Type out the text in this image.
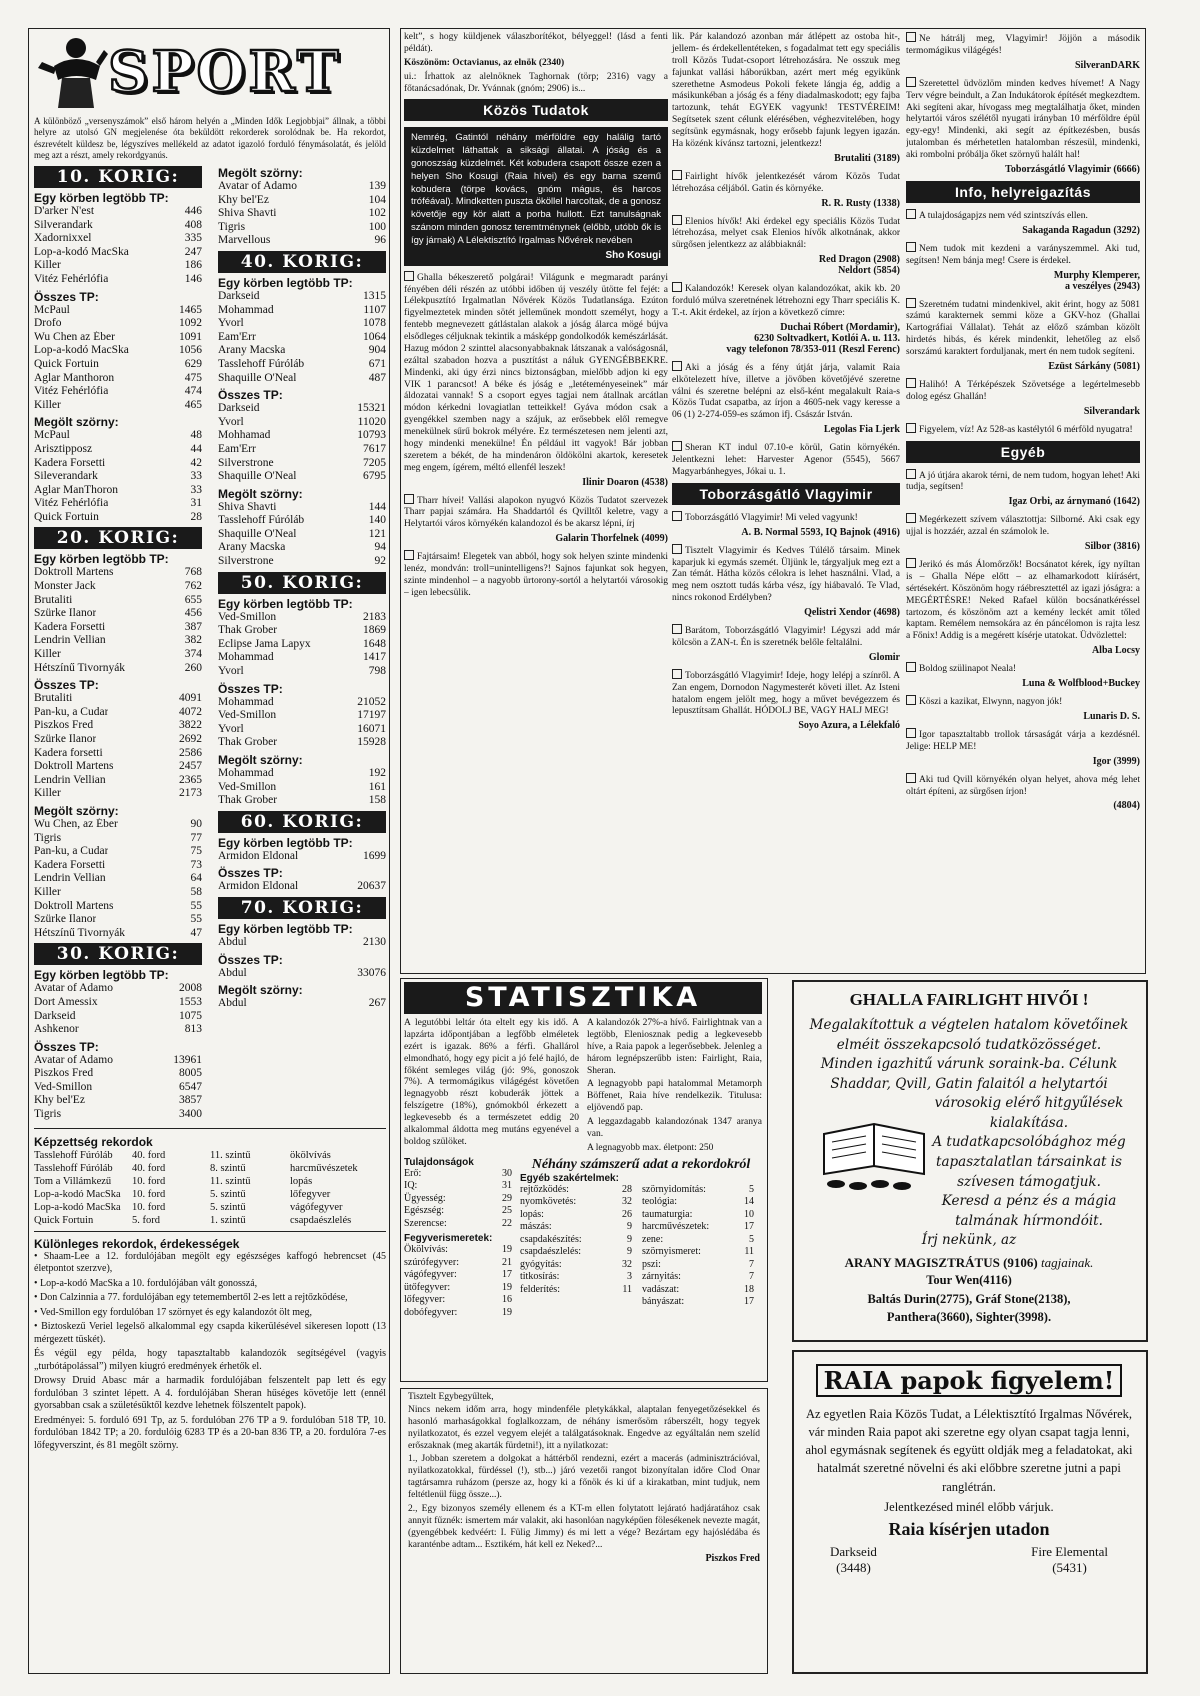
SPORT

A különböző „versenyszámok” első három helyén a „Minden Idők Legjobbjai” állnak, a többi helyre az utolsó GN megjelenése óta beküldött rekorderek sorolódnak be. Ha rekordot, észrevételt küldesz be, légyszíves mellékeld az adatot igazoló forduló fénymásolatát, és jelöld meg azt a részt, amely rekordgyanús.

10. KORIG:
Egy körben legtöbb TP:
D'arker N'est	446
Silverandark	408
Xadornixxel	335
Lop-a-kodó MacSka	247
Killer	186
Vitéz Fehérlófia	146
Összes TP:
McPaul	1465
Drofo	1092
Wu Chen az Éber	1091
Lop-a-kodó MacSka	1056
Quick Fortuin	629
Aglar Manthoron	475
Vitéz Fehérlófia	474
Killer	465
Megölt szörny:
McPaul	48
Arisztipposz	44
Kadera Forsetti	42
Sileverandark	33
Aglar ManThoron	33
Vitéz Fehérlófia	31
Quick Fortuin	28
20. KORIG:
Egy körben legtöbb TP:
Doktroll Martens	768
Monster Jack	762
Brutaliti	655
Szürke Ilanor	456
Kadera Forsetti	387
Lendrin Vellian	382
Killer	374
Hétszínű Tivornyák	260
Összes TP:
Brutaliti	4091
Pan-ku, a Cudar	4072
Piszkos Fred	3822
Szürke Ilanor	2692
Kadera forsetti	2586
Doktroll Martens	2457
Lendrin Vellian	2365
Killer	2173
Megölt szörny:
Wu Chen, az Éber	90
Tigris	77
Pan-ku, a Cudar	75
Kadera Forsetti	73
Lendrin Vellian	64
Killer	58
Doktroll Martens	55
Szürke Ilanor	55
Hétszínű Tivornyák	47
30. KORIG:
Egy körben legtöbb TP:
Avatar of Adamo	2008
Dort Amessix	1553
Darkseid	1075
Ashkenor	813
Összes TP:
Avatar of Adamo	13961
Piszkos Fred	8005
Ved-Smillon	6547
Khy bel'Ez	3857
Tigris	3400
Megölt szörny:
Avatar of Adamo	139
Khy bel'Ez	104
Shiva Shavti	102
Tigris	100
Marvellous	96
40. KORIG:
Egy körben legtöbb TP:
Darkseid	1315
Mohammad	1107
Yvorl	1078
Eam'Err	1064
Arany Macska	904
Tasslehoff Fúróláb	671
Shaquille O'Neal	487
Összes TP:
Darkseid	15321
Yvorl	11020
Mohhamad	10793
Eam'Err	7617
Silverstrone	7205
Shaquille O'Neal	6795
Megölt szörny:
Shiva Shavti	144
Tasslehoff Fúróláb	140
Shaquille O'Neal	121
Arany Macska	94
Silverstrone	92
50. KORIG:
Egy körben legtöbb TP:
Ved-Smillon	2183
Thak Grober	1869
Eclipse Jama Lapyx	1648
Mohammad	1417
Yvorl	798
Összes TP:
Mohammad	21052
Ved-Smillon	17197
Yvorl	16071
Thak Grober	15928
Megölt szörny:
Mohammad	192
Ved-Smillon	161
Thak Grober	158
60. KORIG:
Egy körben legtöbb TP:
Armidon Eldonal	1699
Összes TP:
Armidon Eldonal	20637
70. KORIG:
Egy körben legtöbb TP:
Abdul	2130
Összes TP:
Abdul	33076
Megölt szörny:
Abdul	267
Képzettség rekordok
Tasslehoff Fúróláb	40. ford	11. szintű	ökölvívás
Tasslehoff Fúróláb	40. ford	8. szintű	harcművészetek
Tom a Villámkezű	10. ford	11. szintű	lopás
Lop-a-kodó MacSka	10. ford	5. szintű	lőfegyver
Lop-a-kodó MacSka	10. ford	5. szintű	vágófegyver
Quick Fortuin	5. ford	1. szintű	csapdaészlelés
Különleges rekordok, érdekességek

• Shaam-Lee a 12. fordulójában megölt egy egészséges kaffogó hebrencset (45 életpontot szerzve),

• Lop-a-kodó MacSka a 10. fordulójában vált gonosszá,

• Don Calzinnia a 77. fordulójában egy tetemembertől 2-es lett a rejtőzködése,

• Ved-Smillon egy fordulóban 17 szörnyet és egy kalandozót ölt meg,

• Biztoskezű Veriel legelső alkalommal egy csapda kikerülésével sikeresen lopott (13 mérgezett tüskét).

És végül egy példa, hogy tapasztaltabb kalandozók segítségével (vagyis „turbótápolással”) milyen kiugró eredmények érhetők el.

Drowsy Druid Abasc már a harmadik fordulójában felszentelt pap lett és egy fordulóban 3 szintet lépett. A 4. fordulójában Sheran hűséges követője lett (ennél gyorsabban csak a születésüktől kezdve lehetnek fölszentelt papok).

Eredményei: 5. forduló 691 Tp, az 5. fordulóban 276 TP a 9. fordulóban 518 TP, 10. fordulóban 1842 TP; a 20. fordulóig 6283 TP és a 20-ban 836 TP, a 20. fordulóra 7-es lőfegyverszint, és 81 megölt szörny.

kelt”, s hogy küldjenek válaszborítékot, bélyeggel! (lásd a fenti példát).

Köszönöm: Octavianus, az elnök (2340)

ui.: Írhattok az alelnöknek Taghornak (törp; 2316) vagy a főtanácsadónak, Dr. Yvánnak (gnóm; 2906) is...

Közös Tudatok

Nemrég, Gatintól néhány mérföldre egy halálig tartó küzdelmet láthattak a siksági állatai. A jóság és a gonoszság küzdelmét. Két kobudera csapott össze ezen a helyen Sho Kosugi (Raia hívei) és egy barna szemű kobudera (törpe kovács, gnóm mágus, és harcos tróféával). Mindketten puszta ököllel harcoltak, de a gonosz követője egy kör alatt a porba hullott. Ezt tanulságnak szánom minden gonosz teremtménynek (előbb, utóbb ők is így járnak) A Lélektisztító Irgalmas Nővérek nevében

Sho Kosugi

Ghalla békeszerető polgárai! Világunk e megmaradt parányi fényében déli részén az utóbbi időben új veszély ütötte fel fejét: a Lélekpusztító Irgalmatlan Nővérek Közös Tudatlansága. Ezúton figyelmeztetek minden sötét jelleműnek mondott személyt, hogy a fentebb megnevezett gátlástalan alakok a jóság álarca mögé bújva elsődleges céljuknak tekintik a másképp gondolkodók kemészárlását. Hazug módon 2 szinttel alacsonyabbaknak látszanak a valóságosnál, ezáltal szabadon hozva a pusztítást a náluk GYENGÉBBEKRE. Mindenki, aki úgy érzi nincs biztonságban, mielőbb adjon ki egy VIK 1 parancsot! A béke és jóság e „letéteményeseinek” már áldozatai vannak! S a csoport egyes tagjai nem átallnak arcátlan módon kérkedni lovagiatlan tetteikkel! Gyáva módon csak a gyengékkel szemben nagy a szájuk, az erősebbek elől remegve menekülnek sűrű bokrok mélyére. Ez természetesen nem jelenti azt, hogy mindenki menekülne! Én például itt vagyok! Bár jobban szeretem a békét, de ha mindenáron öldökölni akartok, keresetek meg engem, ígérem, méltó ellenfél leszek!

Ilinir Doaron (4538)

Tharr hívei! Vallási alapokon nyugvó Közös Tudatot szervezek Tharr papjai számára. Ha Shaddartól és Qvilltől keletre, vagy a Helytartói város környékén kalandozol és be akarsz lépni, írj

Galarin Thorfelnek (4099)

Fajtársaim! Elegetek van abból, hogy sok helyen szinte mindenki lenéz, mondván: troll=unintelligens?! Sajnos fajunkat sok hegyen, szinte mindenhol – a nagyobb ürtorony-sortól a helytartói városokig – igen lebecsülik.

lik. Pár kalandozó azonban már átlépett az ostoba hit-, jellem- és érdekellentéteken, s fogadalmat tett egy speciális troll Közös Tudat-csoport létrehozására. Ne osszuk meg fajunkat vallási háborúkban, azért mert még egyikünk szerethetne Asmodeus Pokoli fekete lángja ég, addig a másikunkéban a jóság és a fény diadalmaskodott; egy fajba tartozunk, tehát EGYEK vagyunk! TESTVÉREIM! Segítsetek szent célunk elérésében, véghezvitelében, hogy segítsünk egymásnak, hogy erősebb fajunk legyen igazán. Ha közénk kívánsz tartozni, jelentkezz!

Brutaliti (3189)

Fairlight hívők jelentkezését várom Közös Tudat létrehozása céljából. Gatin és környéke.

R. R. Rusty (1338)

Elenios hívők! Aki érdekel egy speciális Közös Tudat létrehozása, melyet csak Elenios hívők alkotnának, akkor sürgősen jelentkezz az alábbiaknál:

Red Dragon (2908)
Neldort (5854)

Kalandozók! Keresek olyan kalandozókat, akik kb. 20 forduló múlva szeretnének létrehozni egy Tharr speciális K. T.-t. Akit érdekel, az írjon a következő címre:

Duchai Róbert (Mordamir),
6230 Soltvadkert, Kotlói A. u. 113.
vagy telefonon 78/353-011 (Reszl Ferenc)

Aki a jóság és a fény útját járja, valamit Raia elkötelezett híve, illetve a jövőben követőjévé szeretne válni és szeretne belépni az első-ként megalakult Raia-s Közös Tudat csapatba, az írjon a 4605-nek vagy keresse a 06 (1) 2-274-059-es számon ifj. Császár István.

Legolas Fia Ljerk

Sheran KT indul 07.10-e körül, Gatin környékén. Jelentkezni lehet: Harvester Agenor (5545), 5667 Magyarbánhegyes, Jókai u. 1.

Toborzásgátló Vlagyimir

Toborzásgátló Vlagyimir! Mi veled vagyunk!

A. B. Normal 5593, IQ Bajnok (4916)

Tisztelt Vlagyimir és Kedves Túlélő társaim. Minek kaparjuk ki egymás szemét. Üljünk le, tárgyaljuk meg ezt a Zan témát. Hátha közös célokra is lehet használni. Vlad, a meg nem osztott tudás kárba vész, így hiábavaló. Te Vlad, nincs rokonod Erdélyben?

Qelistri Xendor (4698)

Barátom, Toborzásgátló Vlagyimir! Légyszi add már kölcsön a ZAN-t. Én is szeretnék belőle feltalálni.

Glomir

Toborzásgátló Vlagyimir! Ideje, hogy lelépj a színről. A Zan engem, Dornodon Nagymesterét követi illet. Az Isteni hatalom engem jelölt meg, hogy a művet bevégezzem és lepusztítsam Ghallát. HÓDOLJ BE, VAGY HALJ MEG!

Soyo Azura, a Lélekfaló

Ne hátrálj meg, Vlagyimir! Jöjjön a második termomágikus világégés!

SilveranDARK

Szeretettel üdvözlöm minden kedves hívemet! A Nagy Terv végre beindult, a Zan Indukátorok építését megkezdtem. Aki segíteni akar, hívogass meg megtalálhatja őket, minden helytartói város szélétől nyugati irányban 10 mérföldre épül egy-egy! Mindenki, aki segít az építkezésben, busás jutalomban és mérhetetlen hatalomban részesül, mindenki, aki rombolni próbálja őket szörnyű halált hal!

Toborzásgátló Vlagyimir (6666)

Info, helyreigazítás

A tulajdoságapjzs nem véd szintszívás ellen.

Sakaganda Ragadun (3292)

Nem tudok mit kezdeni a varányszemmel. Aki tud, segítsen! Nem bánja meg! Csere is érdekel.

Murphy Klemperer,
a veszélyes (2943)

Szeretném tudatni mindenkivel, akit érint, hogy az 5081 számú karakternek semmi köze a GKV-hoz (Ghallai Kartográfiai Vállalat). Tehát az előző számban közölt hirdetés hibás, és kérek mindenkit, lehetőleg az első sorszámú karaktert forduljanak, mert én nem tudok segíteni.

Ezüst Sárkány (5081)

Halihó! A Térképészek Szövetsége a legértelmesebb dolog egész Ghallán!

Silverandark

Figyelem, víz! Az 528-as kastélytól 6 mérföld nyugatra!

Egyéb

A jó útjára akarok térni, de nem tudom, hogyan lehet! Aki tudja, segítsen!

Igaz Orbi, az árnymanó (1642)

Megérkezett szívem választottja: Silborné. Aki csak egy ujjal is hozzáér, azzal én számolok le.

Silbor (3816)

Jerikó és más Álomőrzők! Bocsánatot kérek, így nyíltan is – Ghalla Népe előtt – az elhamarkodott kiírásért, sértésekért. Köszönöm hogy ráébresztettél az igazi jóságra: a MEGÉRTÉSRE! Neked Rafael külön bocsánatkéréssel tartozom, és köszönöm azt a kemény leckét amit tőled kaptam. Remélem nemsokára az én páncélomon is rajta lesz a Főnix! Addig is a megérett kísérje utatokat. Üdvözlettel:

Alba Locsy

Boldog szülinapot Neala!

Luna & Wolfblood+Buckey

Köszi a kazikat, Elwynn, nagyon jók!

Lunaris D. S.

Igor tapasztaltabb trollok társaságát várja a kezdésnél. Jelige: HELP ME!

Igor (3999)

Aki tud Qvill környékén olyan helyet, ahova még lehet oltárt építeni, az sürgősen írjon!

(4804)

STATISZTIKA

A legutóbbi leltár óta eltelt egy kis idő. A lapzárta időpontjában a legfőbb elméletek ezért is igazak. 86% a férfi. Ghallárol elmondható, hogy egy picit a jó felé hajló, de főként semleges világ (jó: 9%, gonoszok 7%). A termomágikus világégést követően legnagyobb részt kobuderák jöttek a felszígetre (18%), gnómokból érkezett a legkevesebb és a természetet eddig 20 alkalommal áldotta meg mutáns egyenével a boldog szülöket.

A kalandozók 27%-a hívő. Fairlightnak van a legtöbb, Eleniosznak pedig a legkevesebb híve, a Raia papok a legerősebbek. Jelenleg a három legnépszerűbb isten: Fairlight, Raia, Sheran.

A legnagyobb papi hatalommal Metamorph Böffenet, Raia híve rendelkezik. Titulusa: eljövendő pap.

A leggazdagabb kalandozónak 1347 aranya van.

A legnagyobb max. életpont: 250

Tulajdonságok
Erő:	30
IQ:	31
Ügyesség:	29
Egészség:	25
Szerencse:	22
Fegyverismeretek:
Ökölvívás:	19
szúrófegyver:	21
vágófegyver:	17
ütőfegyver:	19
lőfegyver:	16
dobófegyver:	19
Néhány számszerű adat a rekordokról
Egyéb szakértelmek:
rejtőzködés:	28
nyomkövetés:	32
lopás:	26
mászás:	9
csapdakészítés:	9
csapdaészlelés:	9
gyógyítás:	32
titkosírás:	3
felderítés:	11
szörnyidomítás:	5
teológia:	14
taumaturgia:	10
harcművészetek:	17
zene:	5
szörnyismeret:	11
pszi:	7
zárnyitás:	7
vadászat:	18
bányászat:	17

Tisztelt Egybegyűltek,

Nincs nekem időm arra, hogy mindenféle pletykákkal, alaptalan fenyegetőzésekkel és hasonló marhaságokkal foglalkozzam, de néhány ismerősöm ráberszélt, hogy tegyek nyilatkozatot, és ezzel vegyem elejét a találgatásoknak. Engedve az egyáltalán nem szelíd erőszaknak (meg akarták fürdetni!), itt a nyilatkozat:

1., Jobban szeretem a dolgokat a háttérből rendezni, ezért a macerás (adminisztrációval, nyilatkozatokkal, fürdéssel (!), stb...) járó vezetői rangot bizonyítalan időre Clod Onar tagtársamra ruházom (persze az, hogy ki a főnök és ki úf a kirakatban, mint tudjuk, nem feltétlenül függ össze...).

2., Egy bizonyos személy ellenem és a KT-m ellen folytatott lejárató hadjáratához csak annyit fűznék: ismertem már valakit, aki hasonlóan nagyképűen fölesékenek nevezte magát, (gyengébbek kedvéért: I. Fülig Jimmy) és mi lett a vége? Bezártam egy hajóslédába és karanténbe adtam... Esztikém, hát kell ez Neked?...

Piszkos Fred

GHALLA FAIRLIGHT HIVŐI !
Megalakítottuk a végtelen hatalom követőinek
elméit összekapcsoló tudatközösséget.
Minden igazhitű várunk soraink-ba. Célunk
Shaddar, Qvill, Gatin falaitól a helytartói
városokig elérő hitgyűlések kialakítása.
A tudatkapcsolóbághoz még
tapasztalatlan társainkat is
szívesen támogatjuk.
Keresd a pénz és a mágia
talmának hírmondóit.
Írj nekünk, az
ARANY MAGISZTRÁTUS (9106) tagjainak.
Tour Wen(4116)
Baltás Durin(2775), Gráf Stone(2138),
Panthera(3660), Sighter(3998).
RAIA papok figyelem!

Az egyetlen Raia Közös Tudat, a Lélektisztító Irgalmas Nővérek, vár minden Raia papot aki szeretne egy olyan csapat tagja lenni, ahol egymásnak segítenek és együtt oldják meg a feladatokat, aki hatalmát szeretné növelni és aki előbbre szeretne jutni a papi ranglétrán.

Jelentkezésed minél előbb várjuk.

Raia kísérjen utadon

Darkseid
(3448)
Fire Elemental
(5431)
